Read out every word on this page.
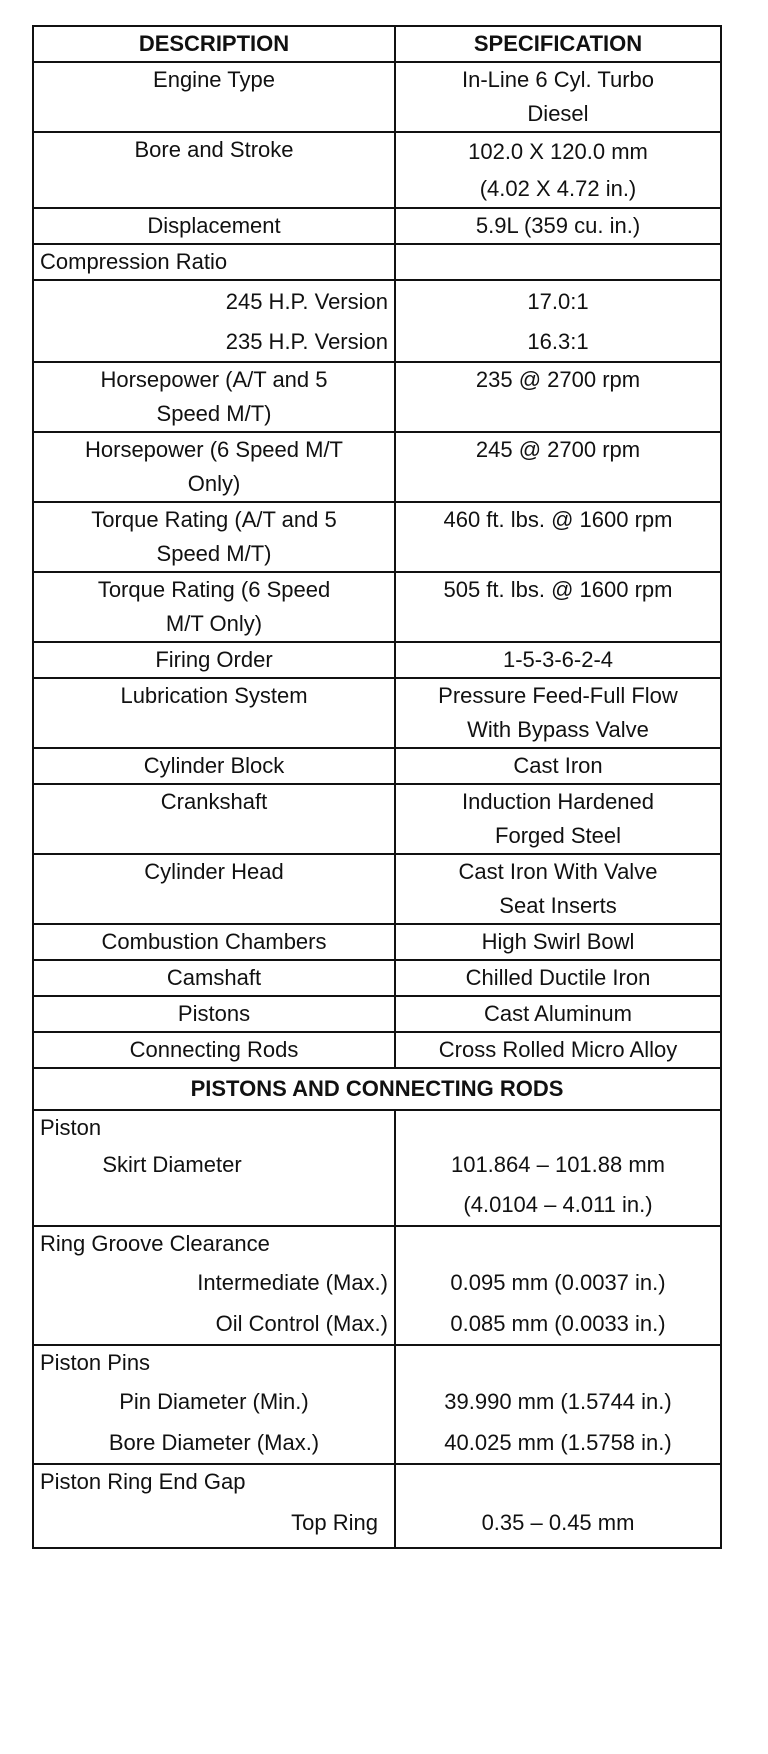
DESCRIPTION	SPECIFICATION
Engine Type	In-Line 6 Cyl. Turbo
Diesel

Bore and Stroke	102.0 X 120.0 mm
(4.02 X 4.72 in.)

Displacement	5.9L (359 cu. in.)
Compression Ratio	
245 H.P. Version	17.0:1
235 H.P. Version	16.3:1

Horsepower (A/T and 5
Speed M/T)	235 @ 2700 rpm

Horsepower (6 Speed M/T
Only)	245 @ 2700 rpm

Torque Rating (A/T and 5
Speed M/T)	460 ft. lbs. @ 1600 rpm

Torque Rating (6 Speed
M/T Only)	505 ft. lbs. @ 1600 rpm
Firing Order	1-5-3-6-2-4
Lubrication System	Pressure Feed-Full Flow
With Bypass Valve

Cylinder Block	Cast Iron
Crankshaft	Induction Hardened
Forged Steel

Cylinder Head	Cast Iron With Valve
Seat Inserts

Combustion Chambers	High Swirl Bowl
Camshaft	Chilled Ductile Iron
Pistons	Cast Aluminum
Connecting Rods	Cross Rolled Micro Alloy
PISTONS AND CONNECTING RODS	
Piston	
Skirt Diameter	101.864 – 101.88 mm
(4.0104 – 4.011 in.)

Ring Groove Clearance	
Intermediate (Max.)	0.095 mm (0.0037 in.)
Oil Control (Max.)	0.085 mm (0.0033 in.)
Piston Pins	
Pin Diameter (Min.)	39.990 mm (1.5744 in.)
Bore Diameter (Max.)	40.025 mm (1.5758 in.)
Piston Ring End Gap	
Top Ring	0.35 – 0.45 mm
